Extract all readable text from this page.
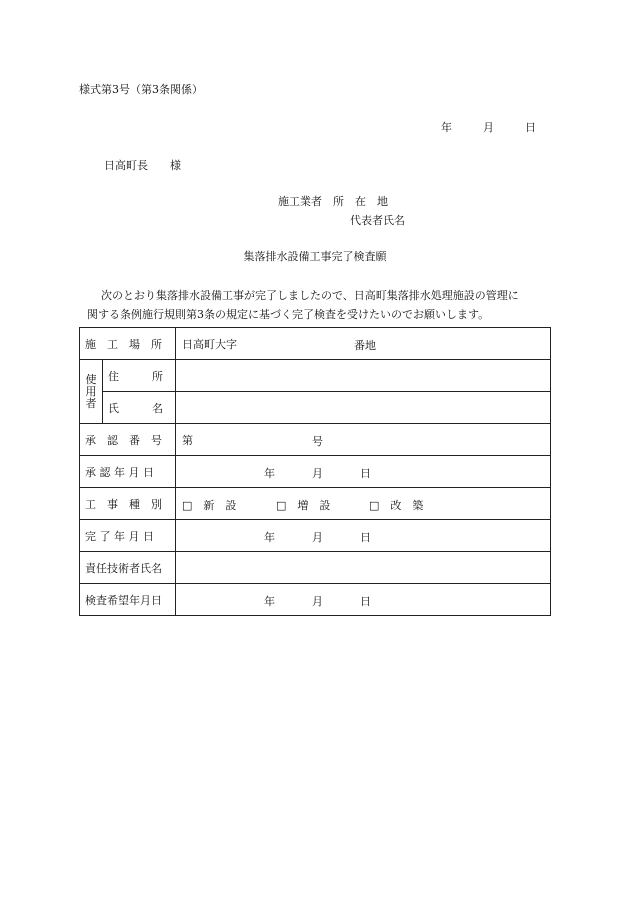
様式第3号（第3条関係）
年	月	日
日高町長　　様
施工業者　所　在　地
代表者氏名
集落排水設備工事完了検査願
次のとおり集落排水設備工事が完了しましたので、日高町集落排水処理施設の管理に
関する条例施行規則第3条の規定に基づく完了検査を受けたいのでお願いします。
施　工　場　所		日高町大字 番地

使用者	住　　　所	
	氏　　　名	
承　認　番　号		第 号

承 認 年 月 日		年 月 日

工　事　種　別		□　新　設 □　増　設 □　改　築

完 了 年 月 日		年 月 日

責任技術者氏名		
検査希望年月日		年 月 日
